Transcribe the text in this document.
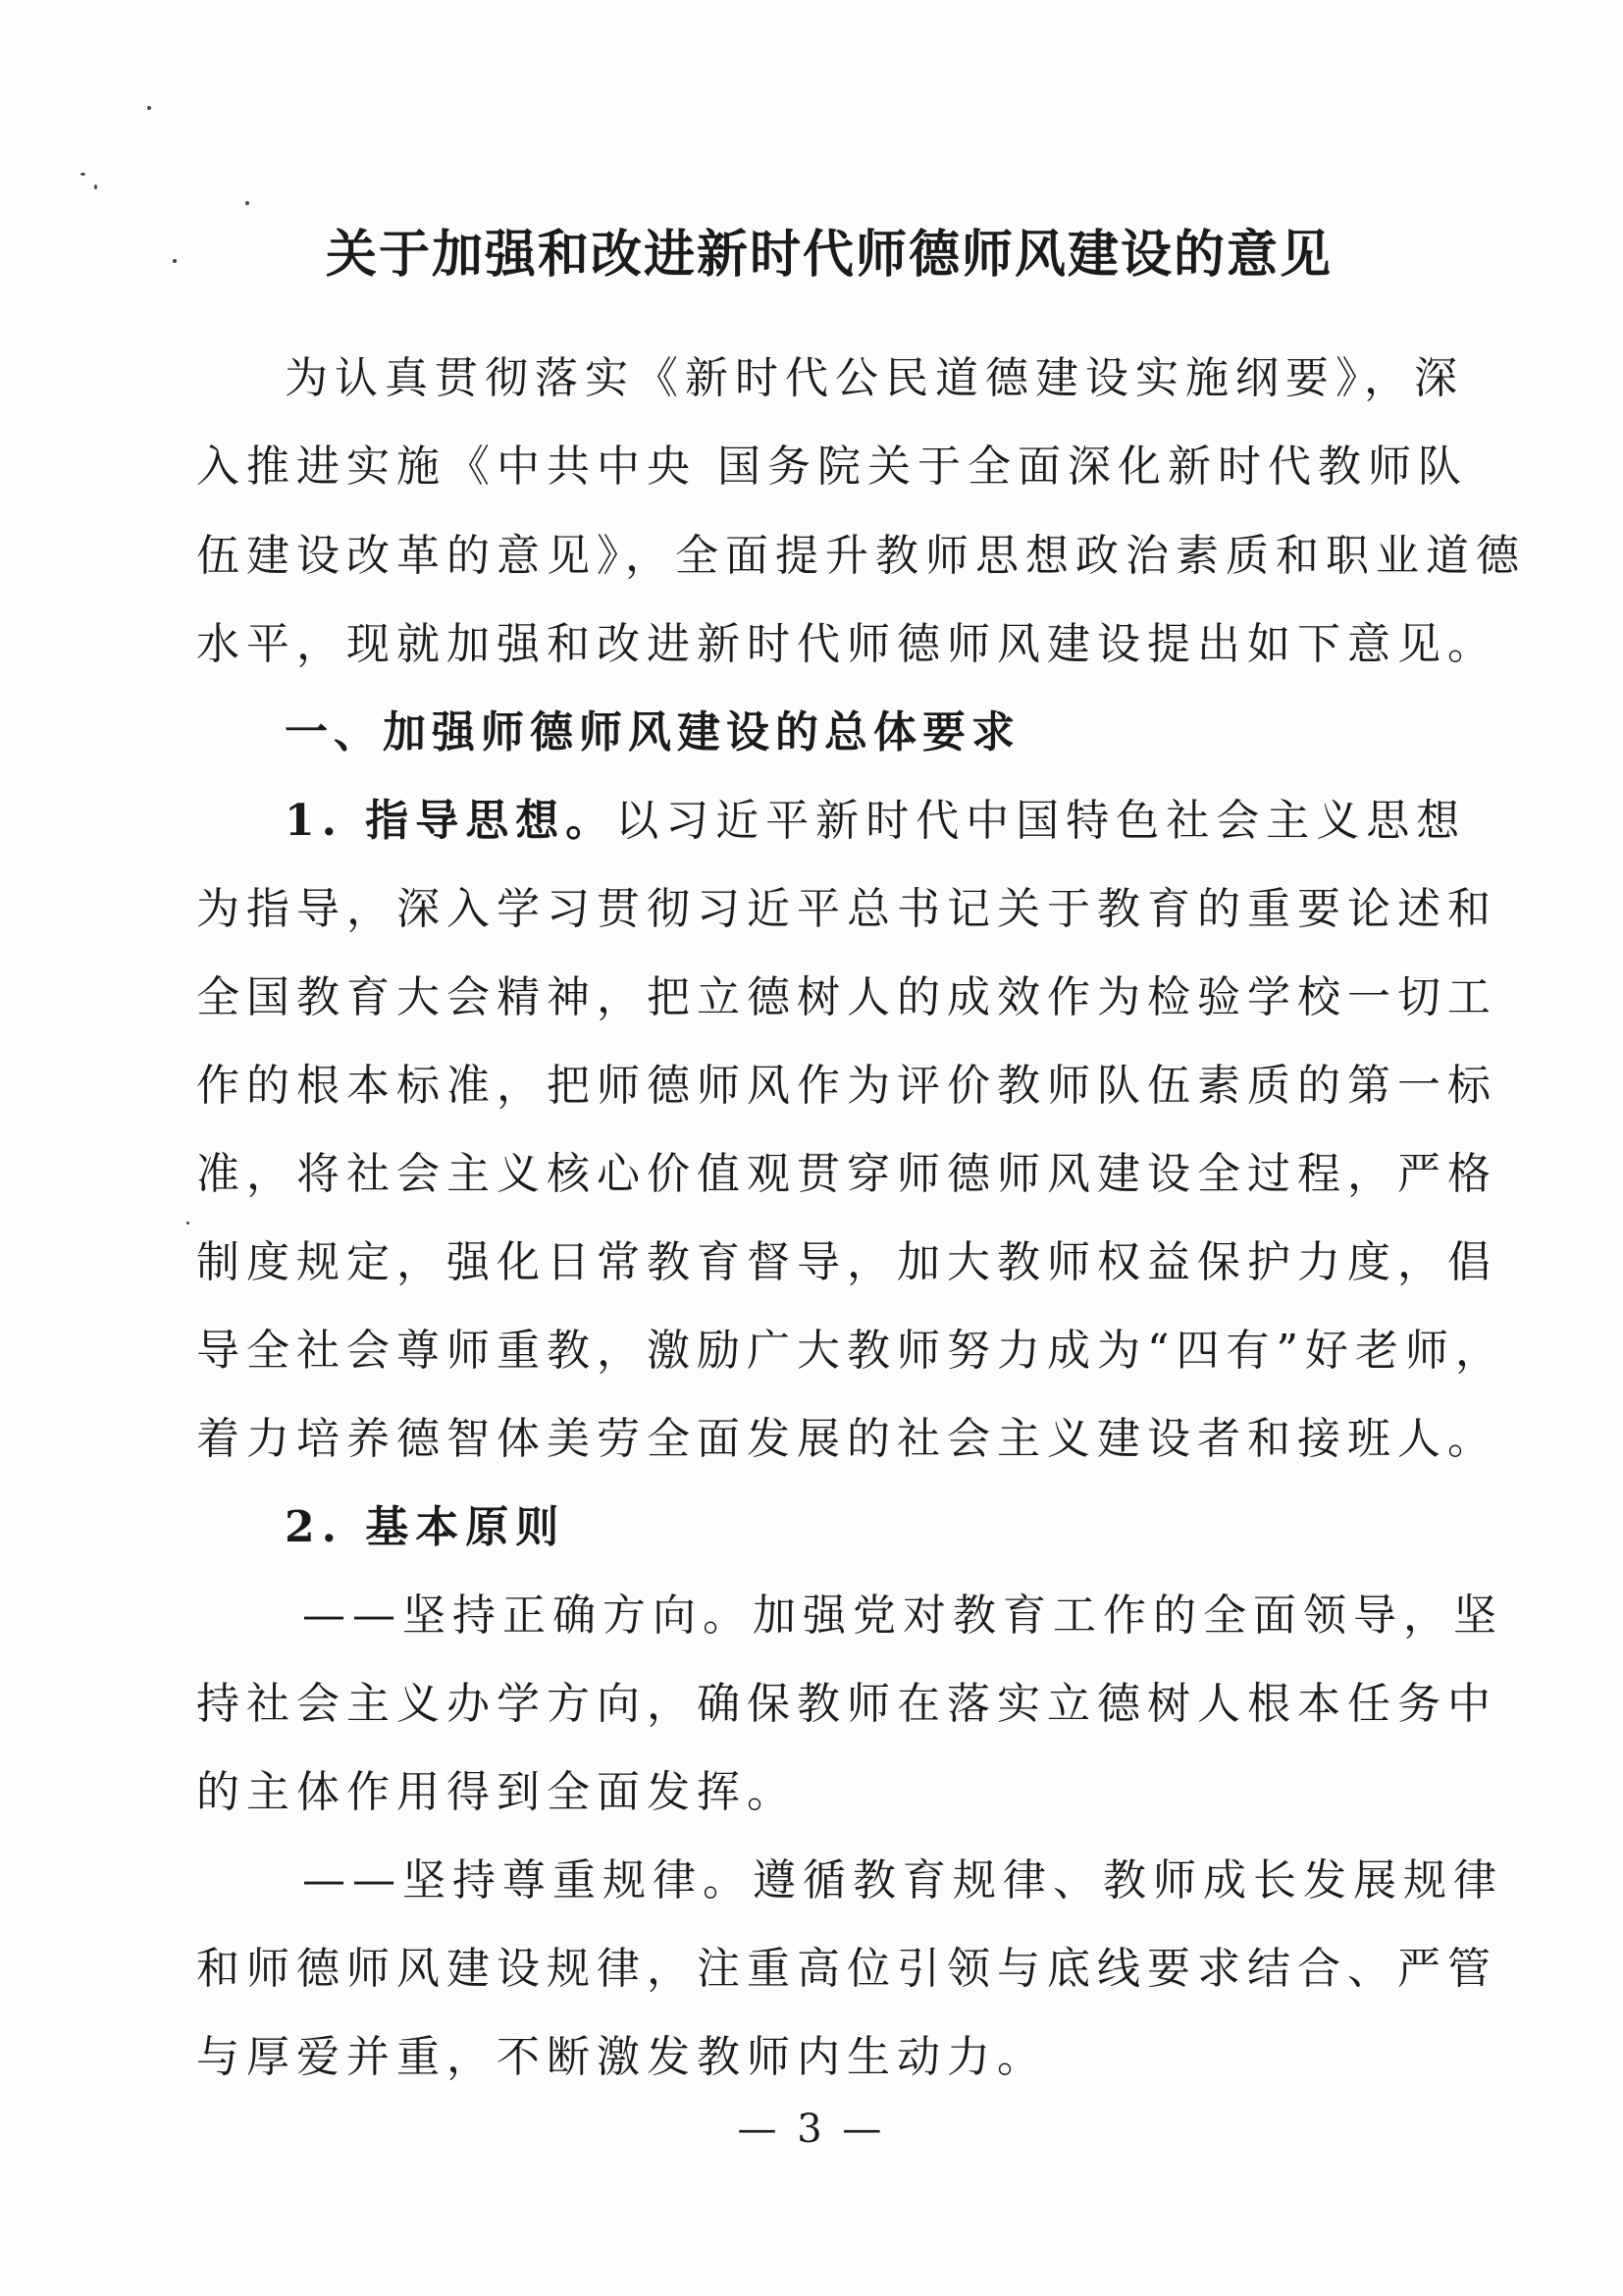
关于加强和改进新时代师德师风建设的意见
为认真贯彻落实《新时代公民道德建设实施纲要》，深
入推进实施《中共中央 国务院关于全面深化新时代教师队
伍建设改革的意见》，全面提升教师思想政治素质和职业道德
水平，现就加强和改进新时代师德师风建设提出如下意见。
一、加强师德师风建设的总体要求
1. 指导思想。以习近平新时代中国特色社会主义思想
为指导，深入学习贯彻习近平总书记关于教育的重要论述和
全国教育大会精神，把立德树人的成效作为检验学校一切工
作的根本标准，把师德师风作为评价教师队伍素质的第一标
准，将社会主义核心价值观贯穿师德师风建设全过程，严格
制度规定，强化日常教育督导，加大教师权益保护力度，倡
导全社会尊师重教，激励广大教师努力成为“四有”好老师，
着力培养德智体美劳全面发展的社会主义建设者和接班人。
2. 基本原则
——坚持正确方向。加强党对教育工作的全面领导，坚
持社会主义办学方向，确保教师在落实立德树人根本任务中
的主体作用得到全面发挥。
——坚持尊重规律。遵循教育规律、教师成长发展规律
和师德师风建设规律，注重高位引领与底线要求结合、严管
与厚爱并重，不断激发教师内生动力。
— 3 —
